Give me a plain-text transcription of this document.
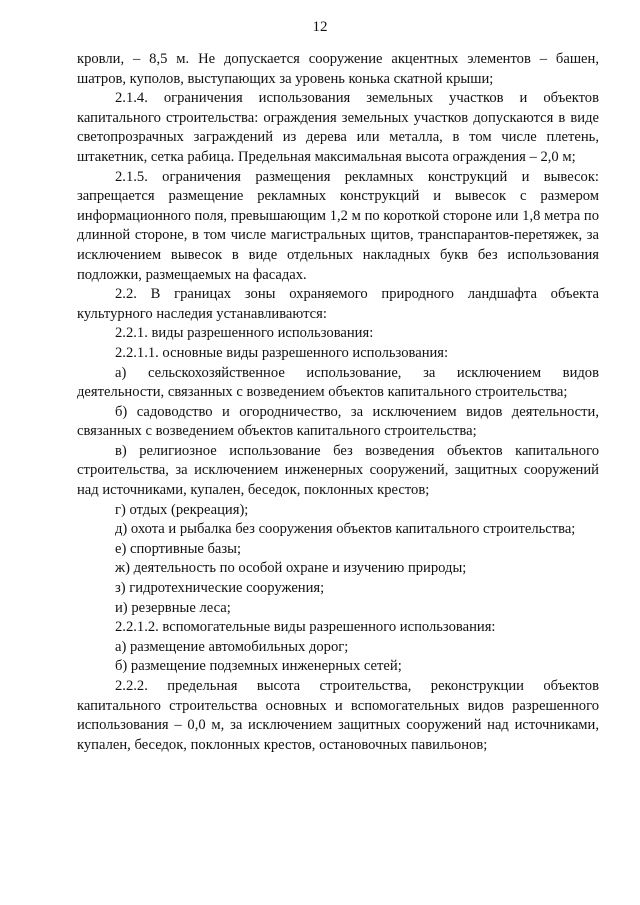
12

кровли, – 8,5 м. Не допускается сооружение акцентных элементов – башен, шатров, куполов, выступающих за уровень конька скатной крыши;

2.1.4. ограничения использования земельных участков и объектов капитального строительства: ограждения земельных участков допускаются в виде светопрозрачных заграждений из дерева или металла, в том числе плетень, штакетник, сетка рабица. Предельная максимальная высота ограждения – 2,0 м;

2.1.5. ограничения размещения рекламных конструкций и вывесок: запрещается размещение рекламных конструкций и вывесок с размером информационного поля, превышающим 1,2 м по короткой стороне или 1,8 метра по длинной стороне, в том числе магистральных щитов, транспарантов-перетяжек, за исключением вывесок в виде отдельных накладных букв без использования подложки, размещаемых на фасадах.

2.2. В границах зоны охраняемого природного ландшафта объекта культурного наследия устанавливаются:

2.2.1. виды разрешенного использования:

2.2.1.1. основные виды разрешенного использования:

а) сельскохозяйственное использование, за исключением видов деятельности, связанных с возведением объектов капитального строительства;

б) садоводство и огородничество, за исключением видов деятельности, связанных с возведением объектов капитального строительства;

в) религиозное использование без возведения объектов капитального строительства, за исключением инженерных сооружений, защитных сооружений над источниками, купален, беседок, поклонных крестов;

г) отдых (рекреация);

д) охота и рыбалка без сооружения объектов капитального строительства;

е) спортивные базы;

ж) деятельность по особой охране и изучению природы;

з) гидротехнические сооружения;

и) резервные леса;

2.2.1.2. вспомогательные виды разрешенного использования:

а) размещение автомобильных дорог;

б) размещение подземных инженерных сетей;

2.2.2. предельная высота строительства, реконструкции объектов капитального строительства основных и вспомогательных видов разрешенного использования – 0,0 м, за исключением защитных сооружений над источниками, купален, беседок, поклонных крестов, остановочных павильонов;
